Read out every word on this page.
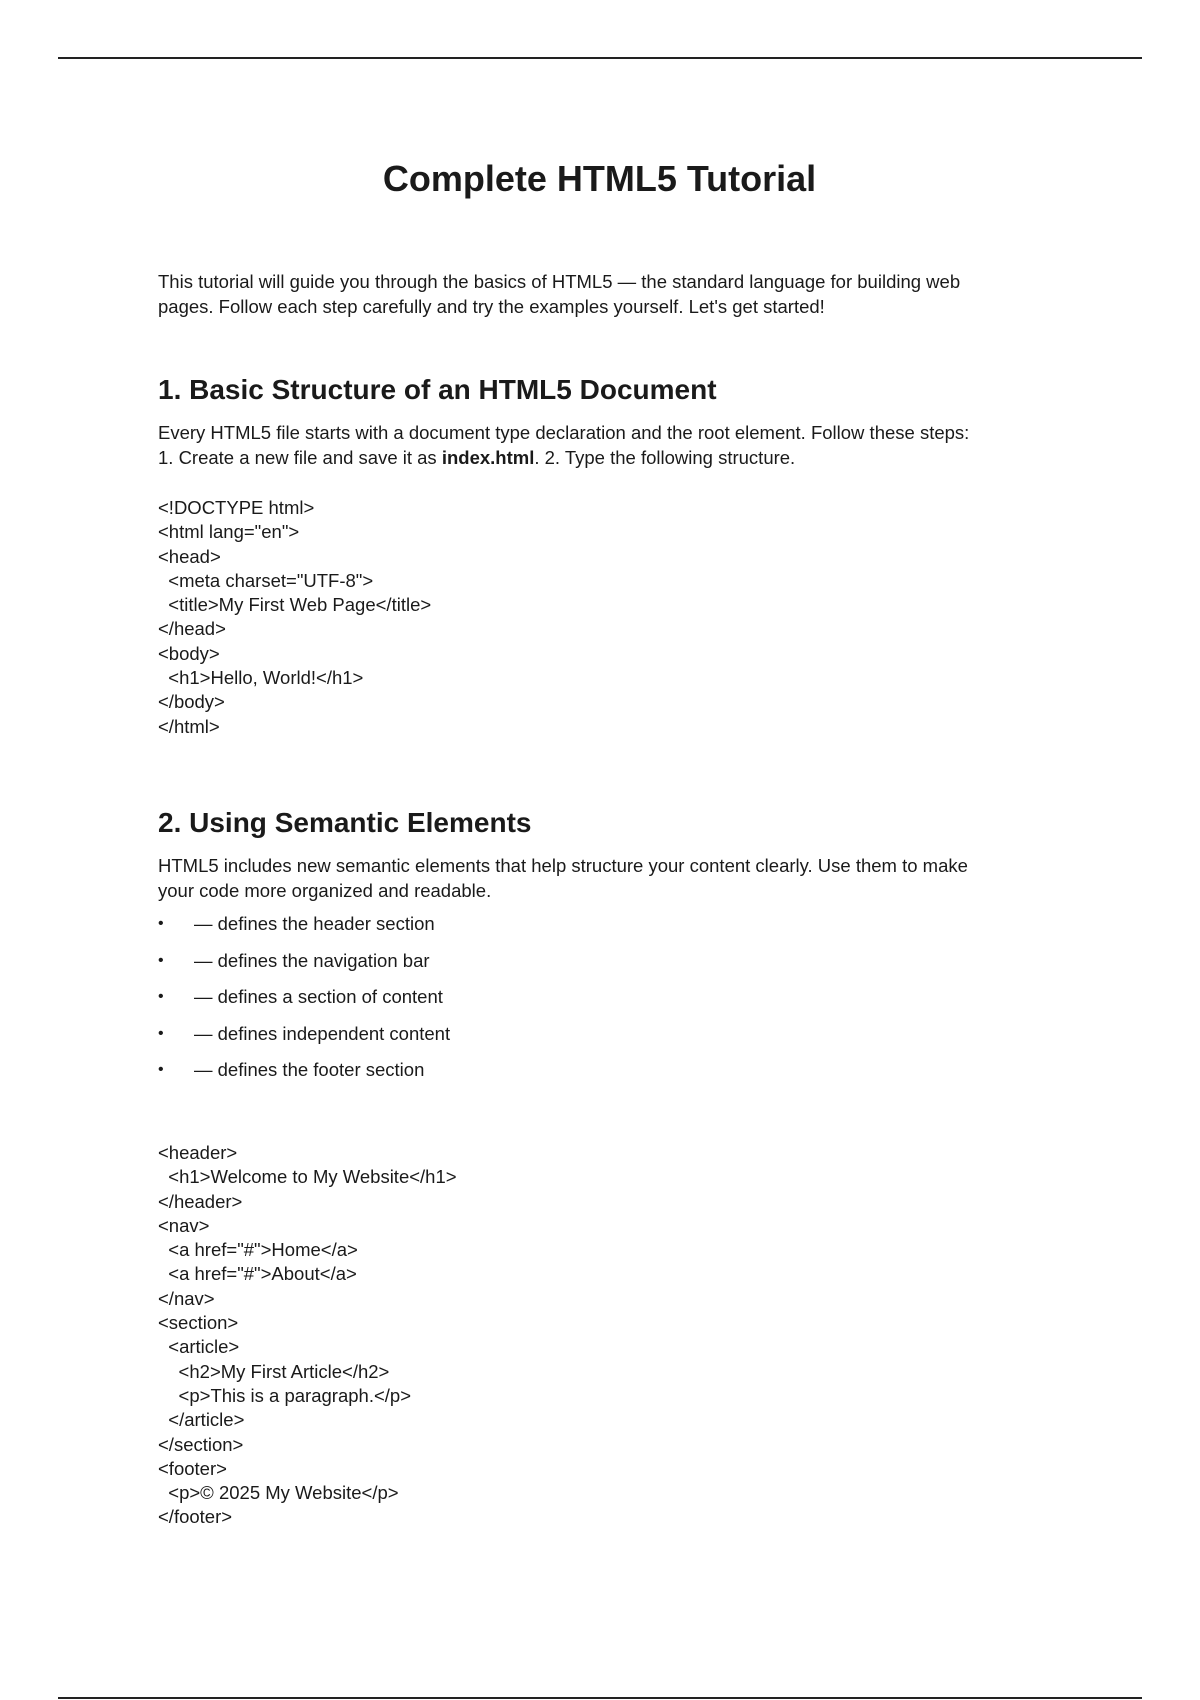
Complete HTML5 Tutorial

This tutorial will guide you through the basics of HTML5 — the standard language for building web
pages. Follow each step carefully and try the examples yourself. Let's get started!

1. Basic Structure of an HTML5 Document

Every HTML5 file starts with a document type declaration and the root element. Follow these steps:
1. Create a new file and save it as index.html. 2. Type the following structure.

<!DOCTYPE html>
<html lang="en">
<head>
<meta charset="UTF-8">
<title>My First Web Page</title>
</head>
<body>
<h1>Hello, World!</h1>
</body>
</html>
2. Using Semantic Elements

HTML5 includes new semantic elements that help structure your content clearly. Use them to make
your code more organized and readable.

• — defines the header section
• — defines the navigation bar
• — defines a section of content
• — defines independent content
• — defines the footer section
<header>
<h1>Welcome to My Website</h1>
</header>
<nav>
<a href="#">Home</a>
<a href="#">About</a>
</nav>
<section>
<article>
<h2>My First Article</h2>
<p>This is a paragraph.</p>
</article>
</section>
<footer>
<p>© 2025 My Website</p>
</footer>
